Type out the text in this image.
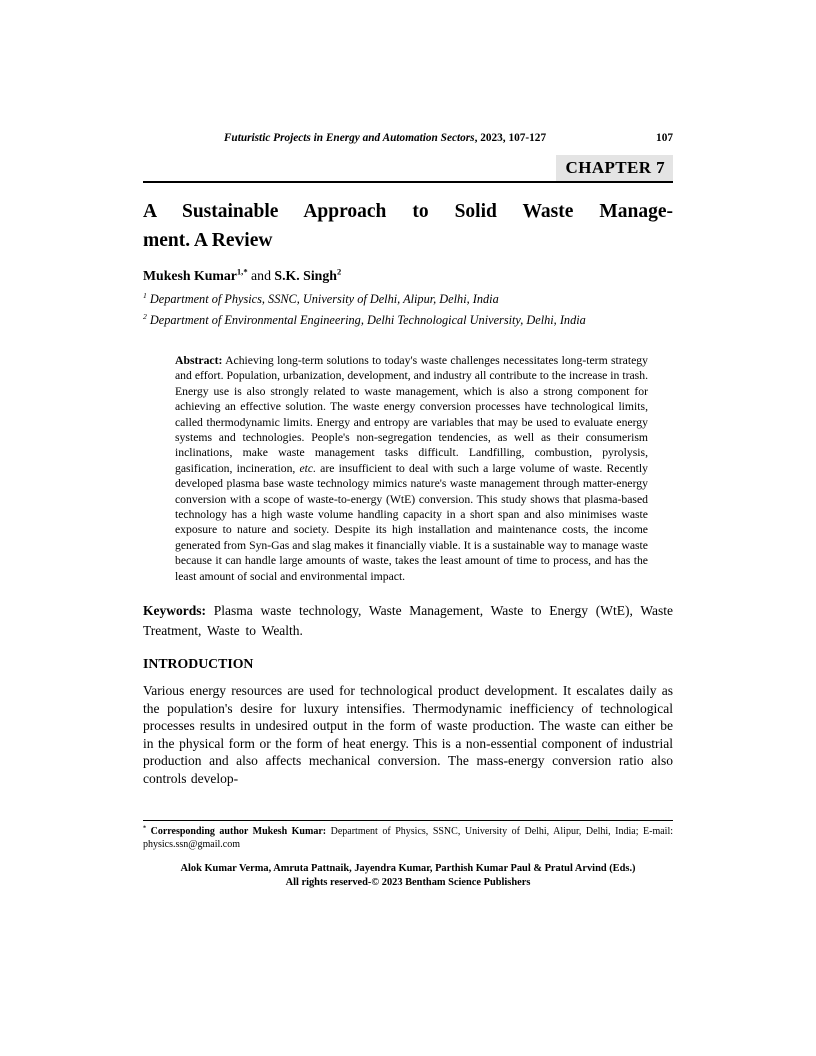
Futuristic Projects in Energy and Automation Sectors, 2023, 107-127	107
CHAPTER 7
A Sustainable Approach to Solid Waste Manage-
ment. A Review
Mukesh Kumar$^{1,*}$ and S.K. Singh$^2$
$^1$ Department of Physics, SSNC, University of Delhi, Alipur, Delhi, India
$^2$ Department of Environmental Engineering, Delhi Technological University, Delhi, India
Abstract: Achieving long-term solutions to today's waste challenges necessitates long-term strategy and effort. Population, urbanization, development, and industry all contribute to the increase in trash. Energy use is also strongly related to waste management, which is also a strong component for achieving an effective solution. The waste energy conversion processes have technological limits, called thermodynamic limits. Energy and entropy are variables that may be used to evaluate energy systems and technologies. People's non-segregation tendencies, as well as their consumerism inclinations, make waste management tasks difficult. Landfilling, combustion, pyrolysis, gasification, incineration, etc. are insufficient to deal with such a large volume of waste. Recently developed plasma base waste technology mimics nature's waste management through matter-energy conversion with a scope of waste-to-energy (WtE) conversion. This study shows that plasma-based technology has a high waste volume handling capacity in a short span and also minimises waste exposure to nature and society. Despite its high installation and maintenance costs, the income generated from Syn-Gas and slag makes it financially viable. It is a sustainable way to manage waste because it can handle large amounts of waste, takes the least amount of time to process, and has the least amount of social and environmental impact.
Keywords: Plasma waste technology, Waste Management, Waste to Energy (WtE), Waste Treatment, Waste to Wealth.
INTRODUCTION

Various energy resources are used for technological product development. It escalates daily as the population's desire for luxury intensifies. Thermodynamic inefficiency of technological processes results in undesired output in the form of waste production. The waste can either be in the physical form or the form of heat energy. This is a non-essential component of industrial production and also affects mechanical conversion. The mass-energy conversion ratio also controls develop-

* Corresponding author Mukesh Kumar: Department of Physics, SSNC, University of Delhi, Alipur, Delhi, India; E-mail: physics.ssn@gmail.com
Alok Kumar Verma, Amruta Pattnaik, Jayendra Kumar, Parthish Kumar Paul & Pratul Arvind (Eds.)
All rights reserved-© 2023 Bentham Science Publishers
